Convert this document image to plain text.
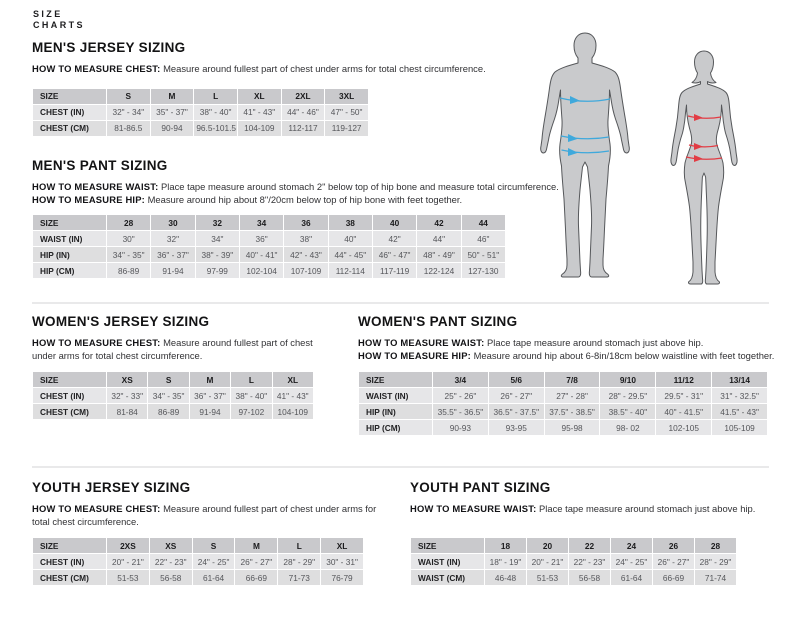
SIZE
CHARTS
MEN'S JERSEY SIZING

HOW TO MEASURE CHEST: Measure around fullest part of chest under arms for total chest circumference.

SIZE	S	M	L	XL	2XL	3XL
CHEST (IN)	32" - 34"	35" - 37"	38" - 40"	41" - 43"	44" - 46"	47" - 50"
CHEST (CM)	81-86.5	90-94	96.5-101.5	104-109	112-117	119-127
MEN'S PANT SIZING

HOW TO MEASURE WAIST: Place tape measure around stomach 2" below top of hip bone and measure total circumference.

HOW TO MEASURE HIP: Measure around hip about 8"/20cm below top of hip bone with feet together.

SIZE	28	30	32	34	36	38	40	42	44
WAIST (IN)	30"	32"	34"	36"	38"	40"	42"	44"	46"
HIP (IN)	34" - 35"	36" - 37"	38" - 39"	40" - 41"	42" - 43"	44" - 45"	46" - 47"	48" - 49"	50" - 51"
HIP (CM)	86-89	91-94	97-99	102-104	107-109	112-114	117-119	122-124	127-130
WOMEN'S JERSEY SIZING

HOW TO MEASURE CHEST: Measure around fullest part of chest under arms for total chest circumference.

SIZE	XS	S	M	L	XL
CHEST (IN)	32" - 33"	34" - 35"	36" - 37"	38" - 40"	41" - 43"
CHEST (CM)	81-84	86-89	91-94	97-102	104-109
WOMEN'S PANT SIZING

HOW TO MEASURE WAIST: Place tape measure around stomach just above hip.

HOW TO MEASURE HIP: Measure around hip about 6-8in/18cm below waistline with feet together.

SIZE	3/4	5/6	7/8	9/10	11/12	13/14
WAIST (IN)	25" - 26"	26" - 27"	27" - 28"	28" - 29.5"	29.5" - 31"	31" - 32.5"
HIP (IN)	35.5" - 36.5"	36.5" - 37.5"	37.5" - 38.5"	38.5" - 40"	40" - 41.5"	41.5" - 43"
HIP (CM)	90-93	93-95	95-98	98- 02	102-105	105-109
YOUTH JERSEY SIZING

HOW TO MEASURE CHEST: Measure around fullest part of chest under arms for total chest circumference.

SIZE	2XS	XS	S	M	L	XL
CHEST (IN)	20" - 21"	22" - 23"	24" - 25"	26" - 27"	28" - 29"	30" - 31"
CHEST (CM)	51-53	56-58	61-64	66-69	71-73	76-79
YOUTH PANT SIZING

HOW TO MEASURE WAIST: Place tape measure around stomach just above hip.

SIZE	18	20	22	24	26	28
WAIST (IN)	18" - 19"	20" - 21"	22" - 23"	24" - 25"	26" - 27"	28" - 29"
WAIST (CM)	46-48	51-53	56-58	61-64	66-69	71-74
